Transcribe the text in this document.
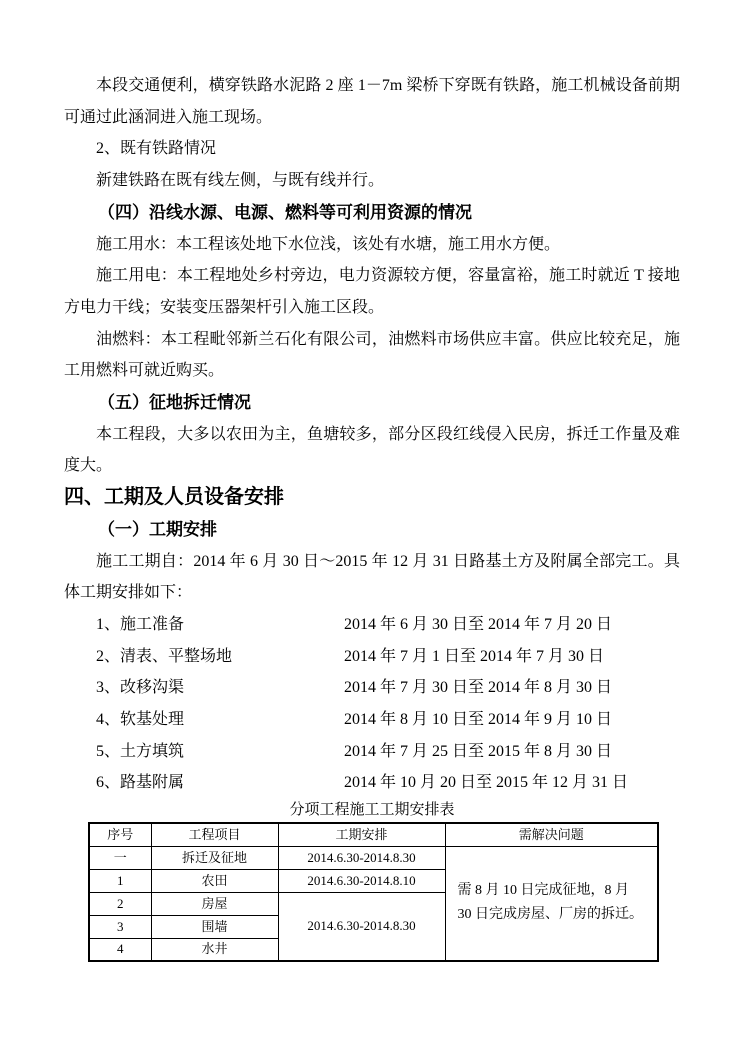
本段交通便利，横穿铁路水泥路 2 座 1－7m 梁桥下穿既有铁路，施工机械设备前期可通过此涵洞进入施工现场。

2、既有铁路情况

新建铁路在既有线左侧，与既有线并行。

（四）沿线水源、电源、燃料等可利用资源的情况

施工用水：本工程该处地下水位浅，该处有水塘，施工用水方便。

施工用电：本工程地处乡村旁边，电力资源较方便，容量富裕，施工时就近 T 接地方电力干线；安装变压器架杆引入施工区段。

油燃料：本工程毗邻新兰石化有限公司，油燃料市场供应丰富。供应比较充足，施工用燃料可就近购买。

（五）征地拆迁情况

本工程段，大多以农田为主，鱼塘较多，部分区段红线侵入民房，拆迁工作量及难度大。

四、工期及人员设备安排

（一）工期安排

施工工期自：2014 年 6 月 30 日～2015 年 12 月 31 日路基土方及附属全部完工。具体工期安排如下：

1、施工准备	2014 年 6 月 30 日至 2014 年 7 月 20 日
2、清表、平整场地	2014 年 7 月 1 日至 2014 年 7 月 30 日
3、改移沟渠	2014 年 7 月 30 日至 2014 年 8 月 30 日
4、软基处理	2014 年 8 月 10 日至 2014 年 9 月 10 日
5、土方填筑	2014 年 7 月 25 日至 2015 年 8 月 30 日
6、路基附属	2014 年 10 月 20 日至 2015 年 12 月 31 日
分项工程施工工期安排表
序号	工程项目	工期安排	需解决问题
一	拆迁及征地	2014.6.30-2014.8.30	需 8 月 10 日完成征地，8 月 30 日完成房屋、厂房的拆迁。
1	农田	2014.6.30-2014.8.10	
2	房屋	2014.6.30-2014.8.30	
3	围墙		
4	水井		
